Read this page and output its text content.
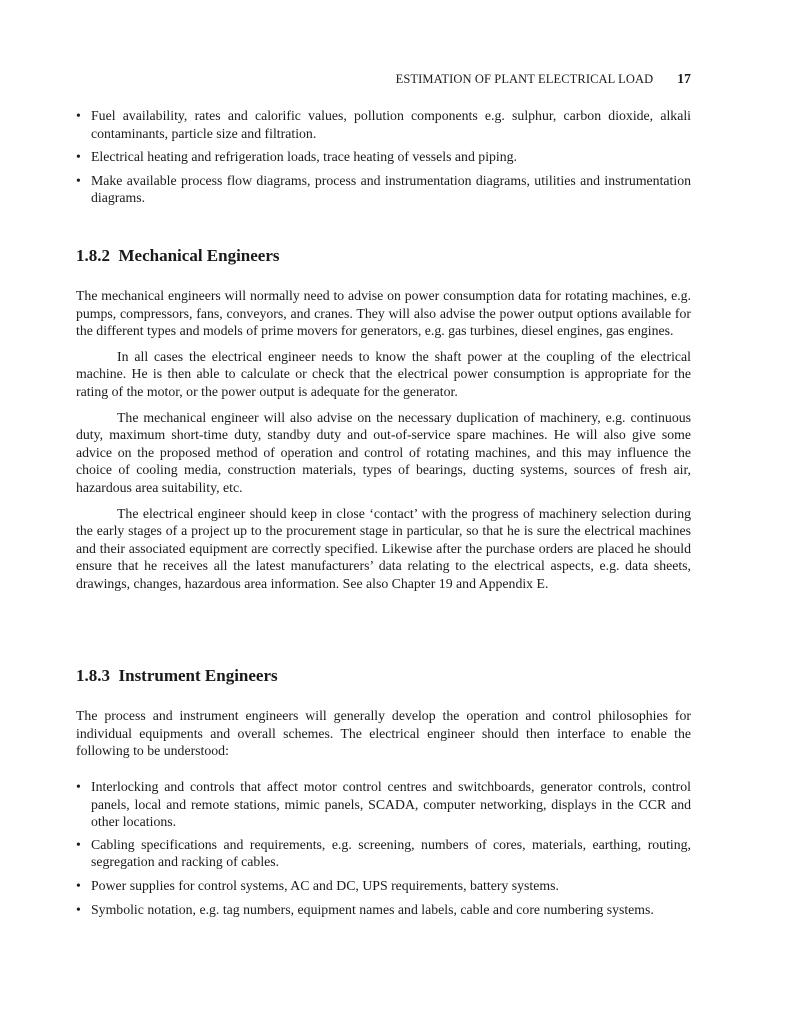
ESTIMATION OF PLANT ELECTRICAL LOAD 17
• Fuel availability, rates and calorific values, pollution components e.g. sulphur, carbon dioxide, alkali contaminants, particle size and filtration.
• Electrical heating and refrigeration loads, trace heating of vessels and piping.
• Make available process flow diagrams, process and instrumentation diagrams, utilities and instrumentation diagrams.
1.8.2  Mechanical Engineers

The mechanical engineers will normally need to advise on power consumption data for rotating machines, e.g. pumps, compressors, fans, conveyors, and cranes. They will also advise the power output options available for the different types and models of prime movers for generators, e.g. gas turbines, diesel engines, gas engines.

In all cases the electrical engineer needs to know the shaft power at the coupling of the electrical machine. He is then able to calculate or check that the electrical power consumption is appropriate for the rating of the motor, or the power output is adequate for the generator.

The mechanical engineer will also advise on the necessary duplication of machinery, e.g. continuous duty, maximum short-time duty, standby duty and out-of-service spare machines. He will also give some advice on the proposed method of operation and control of rotating machines, and this may influence the choice of cooling media, construction materials, types of bearings, ducting systems, sources of fresh air, hazardous area suitability, etc.

The electrical engineer should keep in close ‘contact’ with the progress of machinery selection during the early stages of a project up to the procurement stage in particular, so that he is sure the electrical machines and their associated equipment are correctly specified. Likewise after the purchase orders are placed he should ensure that he receives all the latest manufacturers’ data relating to the electrical aspects, e.g. data sheets, drawings, changes, hazardous area information. See also Chapter 19 and Appendix E.

1.8.3  Instrument Engineers

The process and instrument engineers will generally develop the operation and control philosophies for individual equipments and overall schemes. The electrical engineer should then interface to enable the following to be understood:

• Interlocking and controls that affect motor control centres and switchboards, generator controls, control panels, local and remote stations, mimic panels, SCADA, computer networking, displays in the CCR and other locations.
• Cabling specifications and requirements, e.g. screening, numbers of cores, materials, earthing, routing, segregation and racking of cables.
• Power supplies for control systems, AC and DC, UPS requirements, battery systems.
• Symbolic notation, e.g. tag numbers, equipment names and labels, cable and core numbering systems.
